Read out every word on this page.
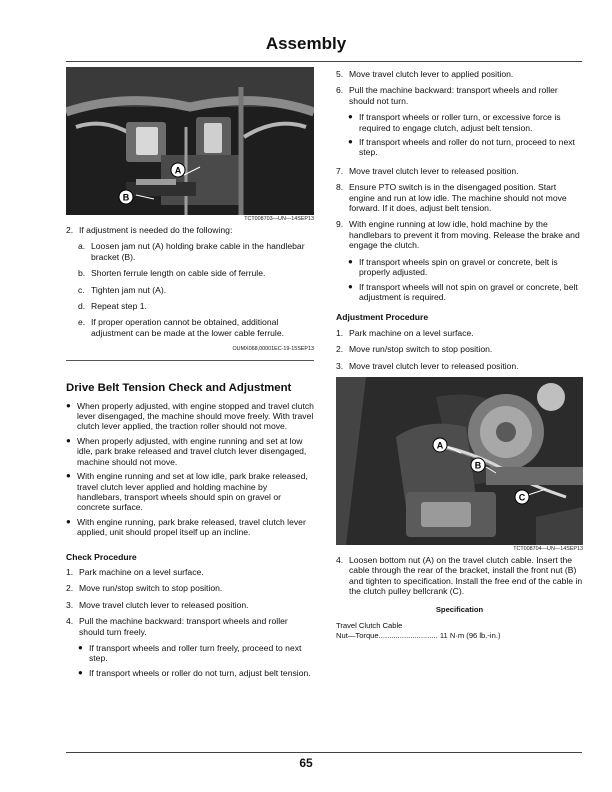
Assembly
A
B
TCT008703—UN—14SEP13
2. If adjustment is needed do the following:
a. Loosen jam nut (A) holding brake cable in the handlebar bracket (B).
b. Shorten ferrule length on cable side of ferrule.
c. Tighten jam nut (A).
d. Repeat step 1.
e. If proper operation cannot be obtained, additional adjustment can be made at the lower cable ferrule.
OUMX068,00001EC-19-15SEP13
Drive Belt Tension Check and Adjustment
● When properly adjusted, with engine stopped and travel clutch lever disengaged, the machine should move freely. With travel clutch lever applied, the traction roller should not move.
● When properly adjusted, with engine running and set at low idle, park brake released and travel clutch lever disengaged, machine should not move.
● With engine running and set at low idle, park brake released, travel clutch lever applied and holding machine by handlebars, transport wheels should spin on gravel or concrete surface.
● With engine running, park brake released, travel clutch lever applied, unit should propel itself up an incline.
Check Procedure
1. Park machine on a level surface.
2. Move run/stop switch to stop position.
3. Move travel clutch lever to released position.
4. Pull the machine backward: transport wheels and roller should turn freely.
● If transport wheels and roller turn freely, proceed to next step.
● If transport wheels or roller do not turn, adjust belt tension.
5. Move travel clutch lever to applied position.
6. Pull the machine backward: transport wheels and roller should not turn.
● If transport wheels or roller turn, or excessive force is required to engage clutch, adjust belt tension.
● If transport wheels and roller do not turn, proceed to next step.
7. Move travel clutch lever to released position.
8. Ensure PTO switch is in the disengaged position. Start engine and run at low idle. The machine should not move forward. If it does, adjust belt tension.
9. With engine running at low idle, hold machine by the handlebars to prevent it from moving. Release the brake and engage the clutch.
● If transport wheels spin on gravel or concrete, belt is properly adjusted.
● If transport wheels will not spin on gravel or concrete, belt adjustment is required.
Adjustment Procedure
1. Park machine on a level surface.
2. Move run/stop switch to stop position.
3. Move travel clutch lever to released position.
A
B
C
TCT008704—UN—14SEP13
4. Loosen bottom nut (A) on the travel clutch cable. Insert the cable through the rear of the bracket, install the front nut (B) and tighten to specification. Install the free end of the cable in the clutch pulley bellcrank (C).
Specification
Travel Clutch Cable
Nut—Torque............................ 11 N·m (96 lb.-in.)
65
